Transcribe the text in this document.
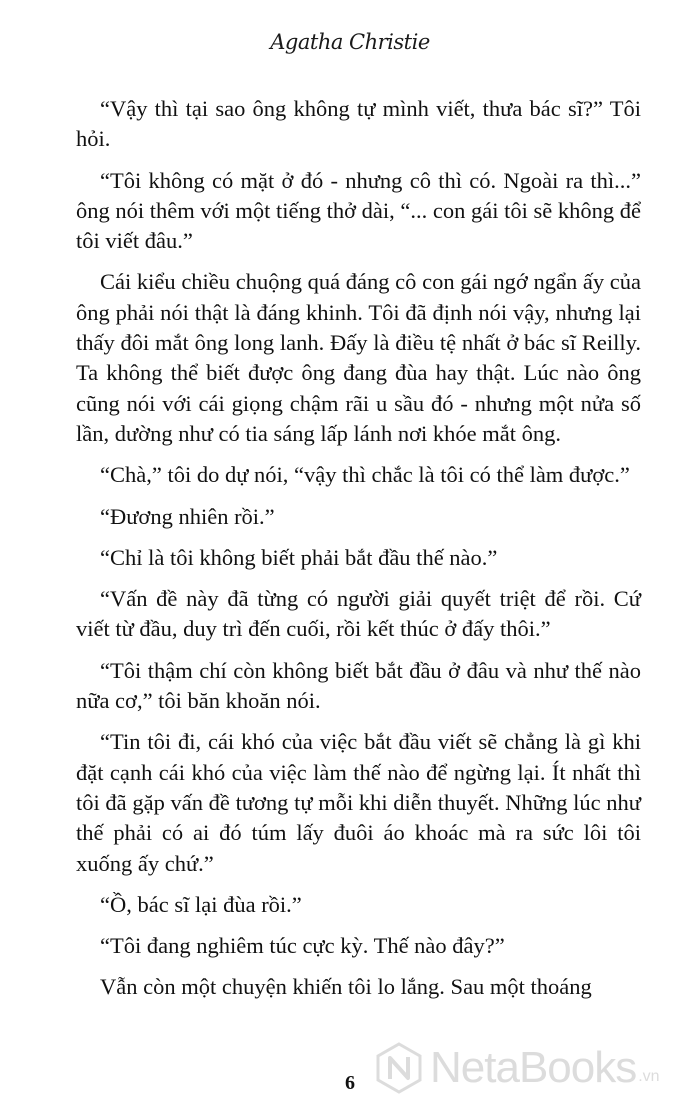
Agatha Christie

“Vậy thì tại sao ông không tự mình viết, thưa bác sĩ?” Tôi hỏi.

“Tôi không có mặt ở đó - nhưng cô thì có. Ngoài ra thì...” ông nói thêm với một tiếng thở dài, “... con gái tôi sẽ không để tôi viết đâu.”

Cái kiểu chiều chuộng quá đáng cô con gái ngớ ngẩn ấy của ông phải nói thật là đáng khinh. Tôi đã định nói vậy, nhưng lại thấy đôi mắt ông long lanh. Đấy là điều tệ nhất ở bác sĩ Reilly. Ta không thể biết được ông đang đùa hay thật. Lúc nào ông cũng nói với cái giọng chậm rãi u sầu đó - nhưng một nửa số lần, dường như có tia sáng lấp lánh nơi khóe mắt ông.

“Chà,” tôi do dự nói, “vậy thì chắc là tôi có thể làm được.”

“Đương nhiên rồi.”

“Chỉ là tôi không biết phải bắt đầu thế nào.”

“Vấn đề này đã từng có người giải quyết triệt để rồi. Cứ viết từ đầu, duy trì đến cuối, rồi kết thúc ở đấy thôi.”

“Tôi thậm chí còn không biết bắt đầu ở đâu và như thế nào nữa cơ,” tôi băn khoăn nói.

“Tin tôi đi, cái khó của việc bắt đầu viết sẽ chẳng là gì khi đặt cạnh cái khó của việc làm thế nào để ngừng lại. Ít nhất thì tôi đã gặp vấn đề tương tự mỗi khi diễn thuyết. Những lúc như thế phải có ai đó túm lấy đuôi áo khoác mà ra sức lôi tôi xuống ấy chứ.”

“Ồ, bác sĩ lại đùa rồi.”

“Tôi đang nghiêm túc cực kỳ. Thế nào đây?”

Vẫn còn một chuyện khiến tôi lo lắng. Sau một thoáng

6	NetaBooks .vn
